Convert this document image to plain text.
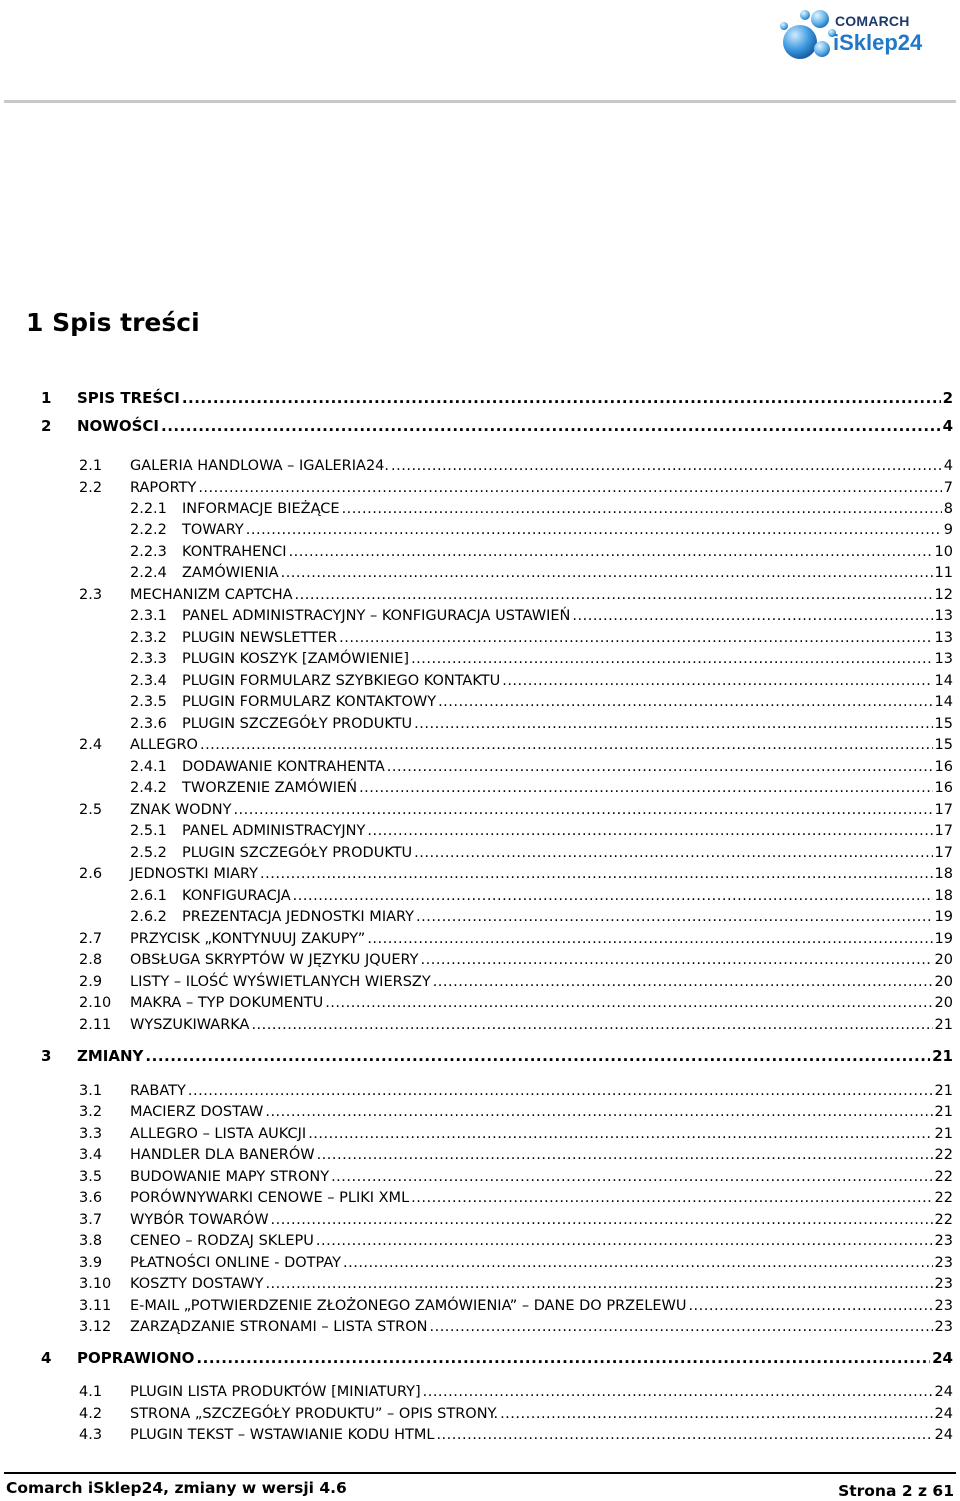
COMARCH
iSklep24
1 Spis treści
1	SPIS TREŚCI .....	2
2	NOWOŚCI .....	4
2.1	GALERIA HANDLOWA – IGALERIA24. .....	4
2.2	RAPORTY .....	7
2.2.1	INFORMACJE BIEŻĄCE .....	8
2.2.2	TOWARY .....	9
2.2.3	KONTRAHENCI .....	10
2.2.4	ZAMÓWIENIA .....	11
2.3	MECHANIZM CAPTCHA .....	12
2.3.1	PANEL ADMINISTRACYJNY – KONFIGURACJA USTAWIEŃ .....	13
2.3.2	PLUGIN NEWSLETTER .....	13
2.3.3	PLUGIN KOSZYK [ZAMÓWIENIE] .....	13
2.3.4	PLUGIN FORMULARZ SZYBKIEGO KONTAKTU .....	14
2.3.5	PLUGIN FORMULARZ KONTAKTOWY .....	14
2.3.6	PLUGIN SZCZEGÓŁY PRODUKTU .....	15
2.4	ALLEGRO .....	15
2.4.1	DODAWANIE KONTRAHENTA .....	16
2.4.2	TWORZENIE ZAMÓWIEŃ .....	16
2.5	ZNAK WODNY .....	17
2.5.1	PANEL ADMINISTRACYJNY .....	17
2.5.2	PLUGIN SZCZEGÓŁY PRODUKTU .....	17
2.6	JEDNOSTKI MIARY .....	18
2.6.1	KONFIGURACJA .....	18
2.6.2	PREZENTACJA JEDNOSTKI MIARY .....	19
2.7	PRZYCISK „KONTYNUUJ ZAKUPY” .....	19
2.8	OBSŁUGA SKRYPTÓW W JĘZYKU JQUERY .....	20
2.9	LISTY – ILOŚĆ WYŚWIETLANYCH WIERSZY .....	20
2.10	MAKRA – TYP DOKUMENTU .....	20
2.11	WYSZUKIWARKA .....	21
3	ZMIANY .....	21
3.1	RABATY .....	21
3.2	MACIERZ DOSTAW .....	21
3.3	ALLEGRO – LISTA AUKCJI .....	21
3.4	HANDLER DLA BANERÓW .....	22
3.5	BUDOWANIE MAPY STRONY .....	22
3.6	PORÓWNYWARKI CENOWE – PLIKI XML .....	22
3.7	WYBÓR TOWARÓW .....	22
3.8	CENEO – RODZAJ SKLEPU .....	23
3.9	PŁATNOŚCI ONLINE - DOTPAY .....	23
3.10	KOSZTY DOSTAWY .....	23
3.11	E-MAIL „POTWIERDZENIE ZŁOŻONEGO ZAMÓWIENIA” – DANE DO PRZELEWU .....	23
3.12	ZARZĄDZANIE STRONAMI – LISTA STRON .....	23
4	POPRAWIONO .....	24
4.1	PLUGIN LISTA PRODUKTÓW [MINIATURY] .....	24
4.2	STRONA „SZCZEGÓŁY PRODUKTU” – OPIS STRONY. .....	24
4.3	PLUGIN TEKST – WSTAWIANIE KODU HTML .....	24
Comarch iSklep24, zmiany w wersji 4.6	Strona 2 z 61
